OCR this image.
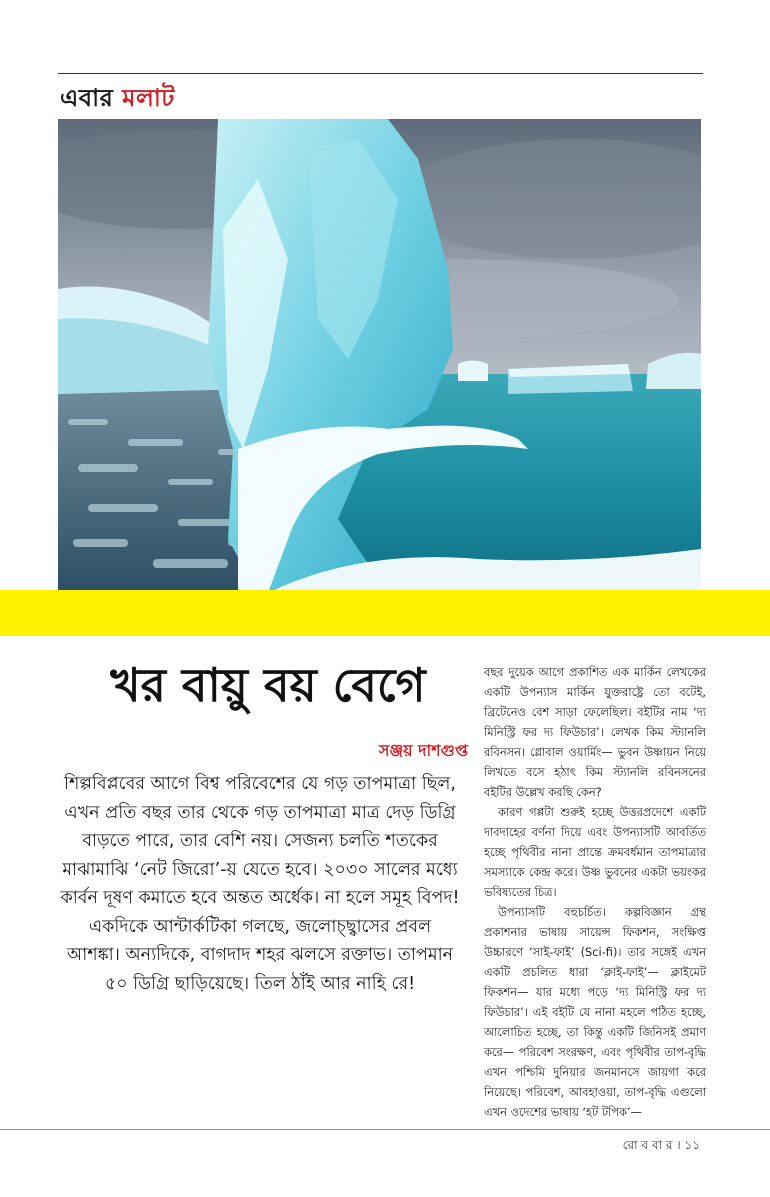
এবার মলাট
খর বায়ু বয় বেগে
সঞ্জয় দাশগুপ্ত
শিল্পবিপ্লবের আগে বিশ্ব পরিবেশের যে গড় তাপমাত্রা ছিল, এখন প্রতি বছর তার থেকে গড় তাপমাত্রা মাত্র দেড় ডিগ্রি বাড়তে পারে, তার বেশি নয়। সেজন্য চলতি শতকের মাঝামাঝি ‘নেট জিরো’-য় যেতে হবে। ২০৩০ সালের মধ্যে কার্বন দূষণ কমাতে হবে অন্তত অর্ধেক। না হলে সমূহ বিপদ! একদিকে আন্টার্কটিকা গলছে, জলোচ্ছ্বাসের প্রবল আশঙ্কা। অন্যদিকে, বাগদাদ শহর ঝলসে রক্তাভ। তাপমান ৫০ ডিগ্রি ছাড়িয়েছে। তিল ঠাঁই আর নাহি রে!

বছর দুয়েক আগে প্রকাশিত এক মার্কিন লেখকের একটি উপন্যাস মার্কিন যুক্তরাষ্ট্রে তো বটেই, ব্রিটেনেও বেশ সাড়া ফেলেছিল। বইটির নাম ‘দ্য মিনিস্ট্রি ফর দ্য ফিউচার’। লেখক কিম স্ট্যানলি রবিনসন। গ্লোবাল ওয়ার্মিং— ভুবন উষ্ণায়ন নিয়ে লিখতে বসে হঠাৎ কিম স্ট্যানলি রবিনসনের বইটির উল্লেখ করছি কেন?

কারণ গপ্পটা শুরুই হচ্ছে উত্তরপ্রদেশে একটি দাবদাহের বর্ণনা দিয়ে এবং উপন্যাসটি আবর্তিত হচ্ছে পৃথিবীর নানা প্রান্তে ক্রমবর্ধমান তাপমাত্রার সমস্যাকে কেন্দ্র করে। উষ্ণ ভুবনের একটা ভয়ংকর ভবিষ্যতের চিত্র।

উপন্যাসটি বহুচর্চিত। কল্পবিজ্ঞান গ্রন্থ প্রকাশনার ভাষায় সায়েন্স ফিকশন, সংক্ষিপ্ত উচ্চারণে ‘সাই-ফাই’ (Sci-fi)। তার সঙ্গেই এখন একটি প্রচলিত ধারা ‘ক্লাই-ফাই’— ক্লাইমেট ফিকশন— যার মধ্যে পড়ে ‘দ্য মিনিস্ট্রি ফর দ্য ফিউচার’। এই বইটি যে নানা মহলে পঠিত হচ্ছে, আলোচিত হচ্ছে, তা কিন্তু একটি জিনিসই প্রমাণ করে— পরিবেশ সংরক্ষণ, এবং পৃথিবীর তাপ-বৃদ্ধি এখন পশ্চিমি দুনিয়ার জনমানসে জায়গা করে নিয়েছে। পরিবেশ, আবহাওয়া, তাপ-বৃদ্ধি এগুলো এখন ওদেশের ভাষায় ‘হট টপিক’—

রো ব বা র । ১১
